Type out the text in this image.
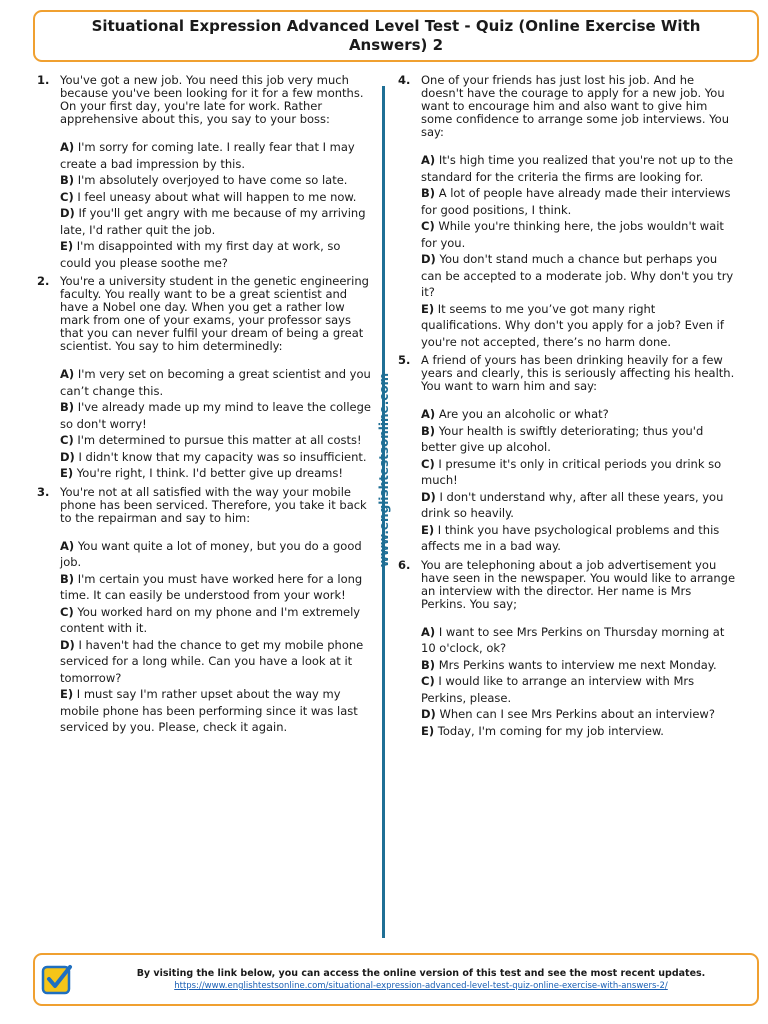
Situational Expression Advanced Level Test - Quiz (Online Exercise With Answers) 2
1. You've got a new job. You need this job very much because you've been looking for it for a few months. On your first day, you're late for work. Rather apprehensive about this, you say to your boss:
A) I'm sorry for coming late. I really fear that I may create a bad impression by this.
B) I'm absolutely overjoyed to have come so late.
C) I feel uneasy about what will happen to me now.
D) If you'll get angry with me because of my arriving late, I'd rather quit the job.
E) I'm disappointed with my first day at work, so could you please soothe me?
2. You're a university student in the genetic engineering faculty. You really want to be a great scientist and have a Nobel one day. When you get a rather low mark from one of your exams, your professor says that you can never fulfil your dream of being a great scientist. You say to him determinedly:
A) I'm very set on becoming a great scientist and you can’t change this.
B) I've already made up my mind to leave the college so don't worry!
C) I'm determined to pursue this matter at all costs!
D) I didn't know that my capacity was so insufficient.
E) You're right, I think. I'd better give up dreams!
3. You're not at all satisfied with the way your mobile phone has been serviced. Therefore, you take it back to the repairman and say to him:
A) You want quite a lot of money, but you do a good job.
B) I'm certain you must have worked here for a long time. It can easily be understood from your work!
C) You worked hard on my phone and I'm extremely content with it.
D) I haven't had the chance to get my mobile phone serviced for a long while. Can you have a look at it tomorrow?
E) I must say I'm rather upset about the way my mobile phone has been performing since it was last serviced by you. Please, check it again.
www.englishtestsonline.com
4. One of your friends has just lost his job. And he doesn't have the courage to apply for a new job. You want to encourage him and also want to give him some confidence to arrange some job interviews. You say:
A) It's high time you realized that you're not up to the standard for the criteria the firms are looking for.
B) A lot of people have already made their interviews for good positions, I think.
C) While you're thinking here, the jobs wouldn't wait for you.
D) You don't stand much a chance but perhaps you can be accepted to a moderate job. Why don't you try it?
E) It seems to me you’ve got many right qualifications. Why don't you apply for a job? Even if you're not accepted, there’s no harm done.
5. A friend of yours has been drinking heavily for a few years and clearly, this is seriously affecting his health. You want to warn him and say:
A) Are you an alcoholic or what?
B) Your health is swiftly deteriorating; thus you'd better give up alcohol.
C) I presume it's only in critical periods you drink so much!
D) I don't understand why, after all these years, you drink so heavily.
E) I think you have psychological problems and this affects me in a bad way.
6. You are telephoning about a job advertisement you have seen in the newspaper. You would like to arrange an interview with the director. Her name is Mrs Perkins. You say;
A) I want to see Mrs Perkins on Thursday morning at 10 o'clock, ok?
B) Mrs Perkins wants to interview me next Monday.
C) I would like to arrange an interview with Mrs Perkins, please.
D) When can I see Mrs Perkins about an interview?
E) Today, I'm coming for my job interview.
By visiting the link below, you can access the online version of this test and see the most recent updates.
https://www.englishtestsonline.com/situational-expression-advanced-level-test-quiz-online-exercise-with-answers-2/
